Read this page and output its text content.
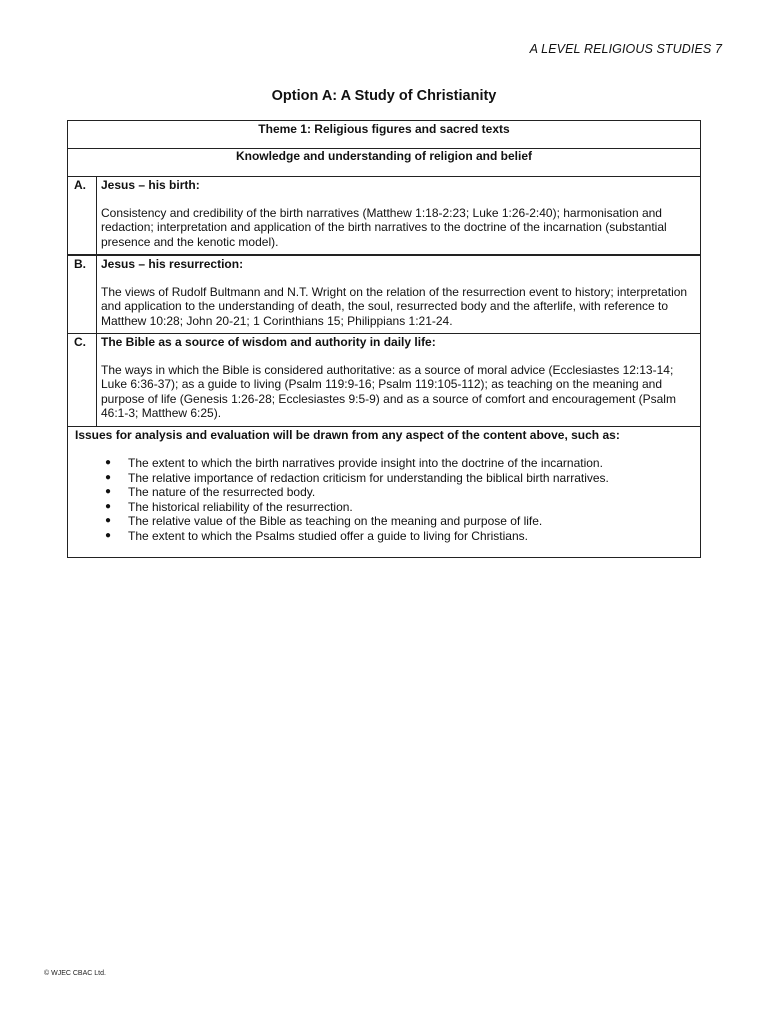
A LEVEL RELIGIOUS STUDIES 7
Option A: A Study of Christianity
Theme 1: Religious figures and sacred texts
Knowledge and understanding of religion and belief
A.	Jesus – his birth:

Consistency and credibility of the birth narratives (Matthew 1:18-2:23; Luke 1:26-2:40); harmonisation and redaction; interpretation and application of the birth narratives to the doctrine of the incarnation (substantial presence and the kenotic model).

B.	Jesus – his resurrection:

The views of Rudolf Bultmann and N.T. Wright on the relation of the resurrection event to history; interpretation and application to the understanding of death, the soul, resurrected body and the afterlife, with reference to Matthew 10:28; John 20-21; 1 Corinthians 15; Philippians 1:21-24.

C.	The Bible as a source of wisdom and authority in daily life:

The ways in which the Bible is considered authoritative: as a source of moral advice (Ecclesiastes 12:13-14; Luke 6:36-37); as a guide to living (Psalm 119:9-16; Psalm 119:105-112); as teaching on the meaning and purpose of life (Genesis 1:26-28; Ecclesiastes 9:5-9) and as a source of comfort and encouragement (Psalm 46:1-3; Matthew 6:25).

Issues for analysis and evaluation will be drawn from any aspect of the content above, such as:
● The extent to which the birth narratives provide insight into the doctrine of the incarnation.
● The relative importance of redaction criticism for understanding the biblical birth narratives.
● The nature of the resurrected body.
● The historical reliability of the resurrection.
● The relative value of the Bible as teaching on the meaning and purpose of life.
● The extent to which the Psalms studied offer a guide to living for Christians.
© WJEC CBAC Ltd.
